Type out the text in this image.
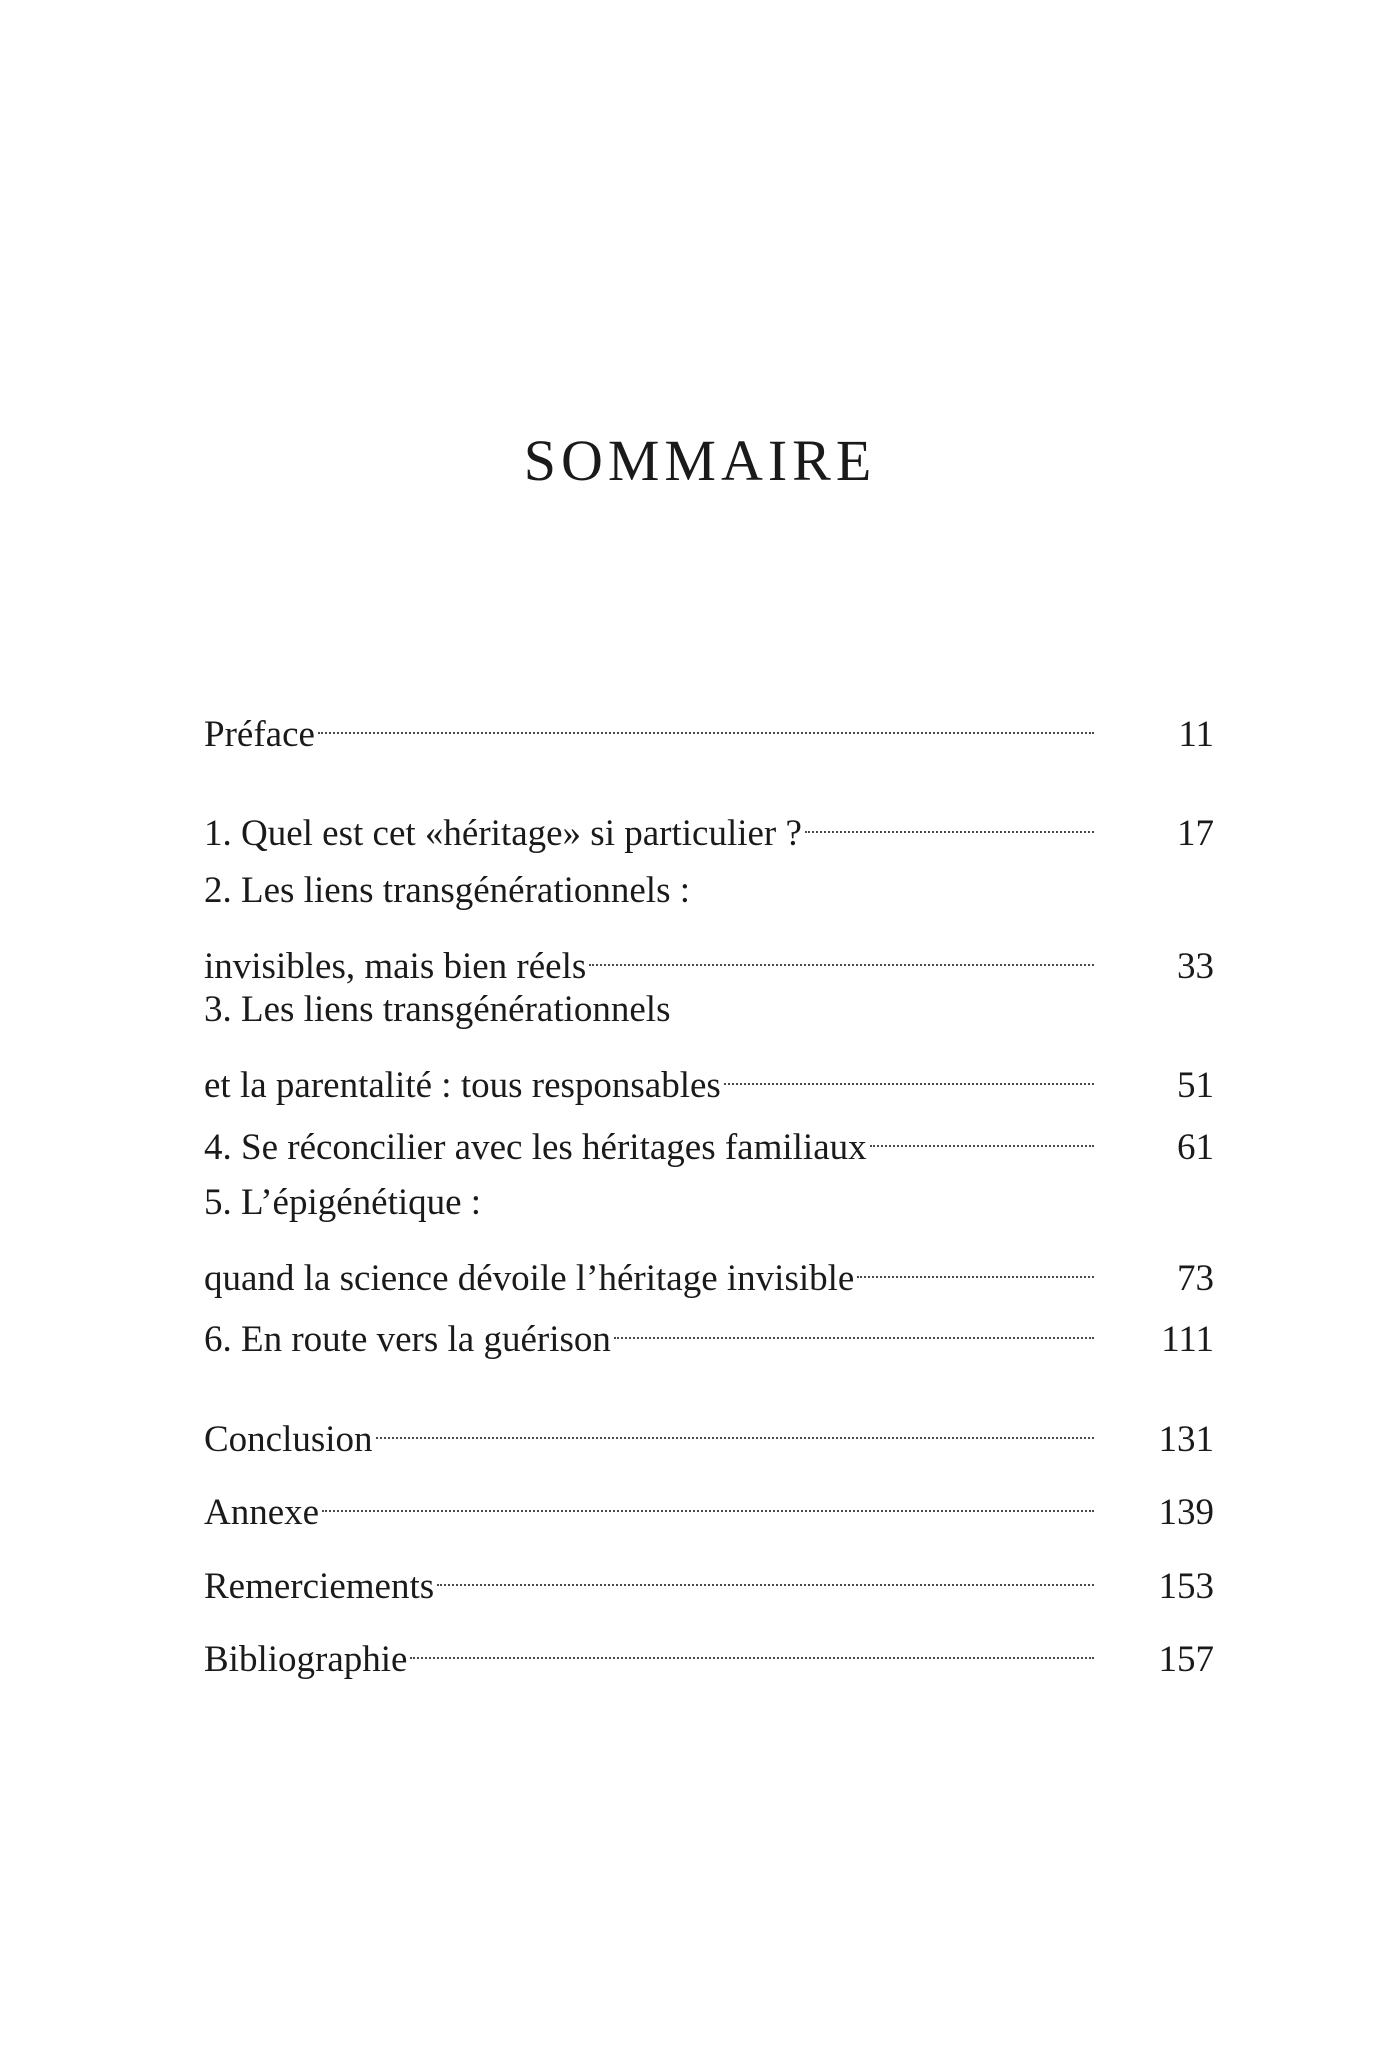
SOMMAIRE
Préface	11
1. Quel est cet «héritage» si particulier ?	17
2. Les liens transgénérationnels :
invisibles, mais bien réels	33
3. Les liens transgénérationnels
et la parentalité : tous responsables	51
4. Se réconcilier avec les héritages familiaux	61
5. L’épigénétique :
quand la science dévoile l’héritage invisible	73
6. En route vers la guérison	111
Conclusion	131
Annexe	139
Remerciements	153
Bibliographie	157
